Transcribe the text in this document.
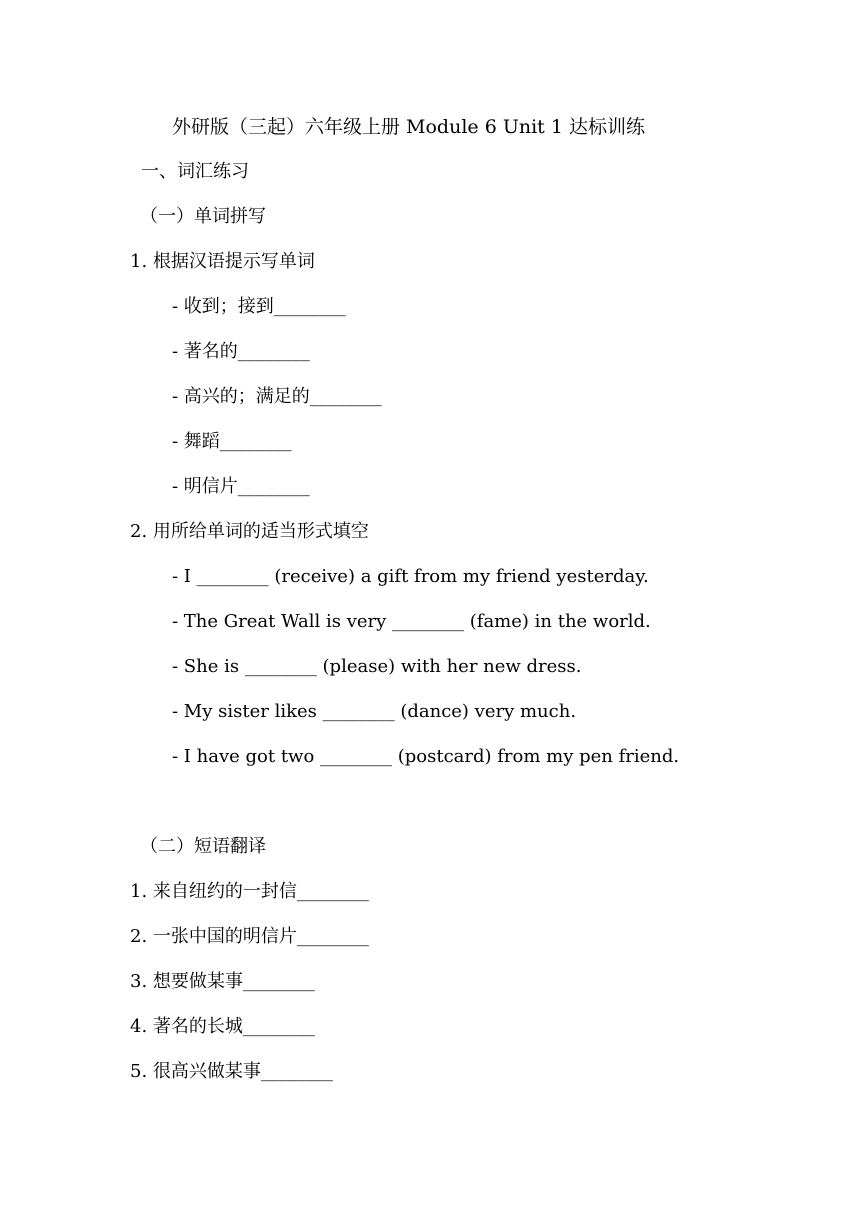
外研版（三起）六年级上册 Module 6 Unit 1 达标训练
一、词汇练习
（一）单词拼写
1. 根据汉语提示写单词
- 收到；接到________
- 著名的________
- 高兴的；满足的________
- 舞蹈________
- 明信片________
2. 用所给单词的适当形式填空
- I ________ (receive) a gift from my friend yesterday.
- The Great Wall is very ________ (fame) in the world.
- She is ________ (please) with her new dress.
- My sister likes ________ (dance) very much.
- I have got two ________ (postcard) from my pen friend.
（二）短语翻译
1. 来自纽约的一封信________
2. 一张中国的明信片________
3. 想要做某事________
4. 著名的长城________
5. 很高兴做某事________
